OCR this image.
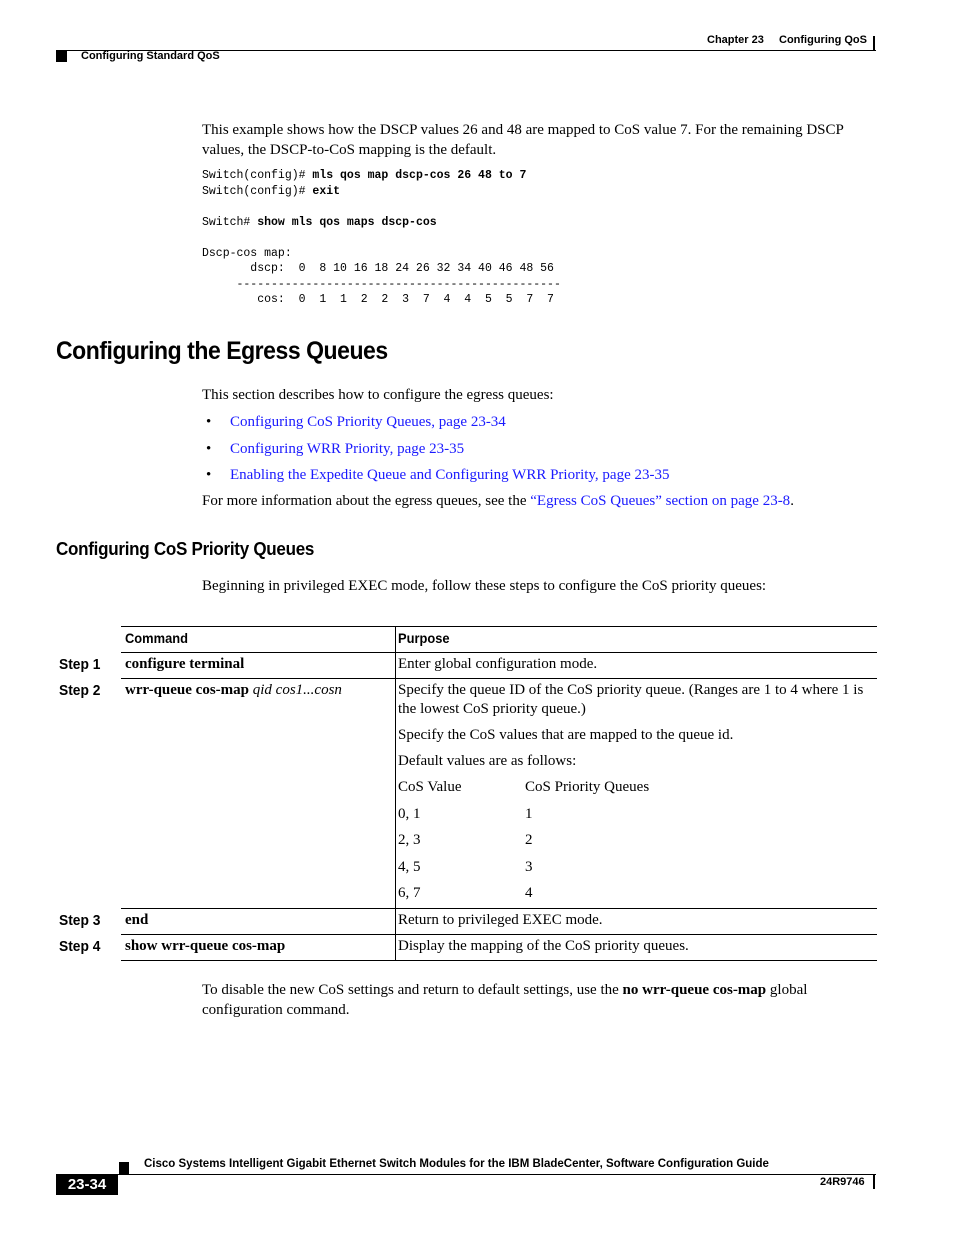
Chapter 23 Configuring QoS
Configuring Standard QoS
This example shows how the DSCP values 26 and 48 are mapped to CoS value 7. For the remaining DSCP values, the DSCP-to-CoS mapping is the default.
Switch(config)# mls qos map dscp-cos 26 48 to 7
Switch(config)# exit

Switch# show mls qos maps dscp-cos

Dscp-cos map:
dscp:  0  8 10 16 18 24 26 32 34 40 46 48 56
-----------------------------------------------
cos:  0  1  1  2  2  3  7  4  4  5  5  7  7
Configuring the Egress Queues
This section describes how to configure the egress queues:
• Configuring CoS Priority Queues, page 23-34
• Configuring WRR Priority, page 23-35
• Enabling the Expedite Queue and Configuring WRR Priority, page 23-35
For more information about the egress queues, see the “Egress CoS Queues” section on page 23-8.
Configuring CoS Priority Queues
Beginning in privileged EXEC mode, follow these steps to configure the CoS priority queues:
Command	Purpose
Step 1 configure terminal	Enter global configuration mode.
Step 2 wrr-queue cos-map qid cos1...cosn	Specify the queue ID of the CoS priority queue. (Ranges are 1 to 4 where 1 is the lowest CoS priority queue.)
Specify the CoS values that are mapped to the queue id.
Default values are as follows:
CoS Value	CoS Priority Queues
0, 1	1
2, 3	2
4, 5	3
6, 7	4
Step 3 end	Return to privileged EXEC mode.
Step 4 show wrr-queue cos-map	Display the mapping of the CoS priority queues.
To disable the new CoS settings and return to default settings, use the no wrr-queue cos-map global configuration command.
Cisco Systems Intelligent Gigabit Ethernet Switch Modules for the IBM BladeCenter, Software Configuration Guide
23-34	24R9746
